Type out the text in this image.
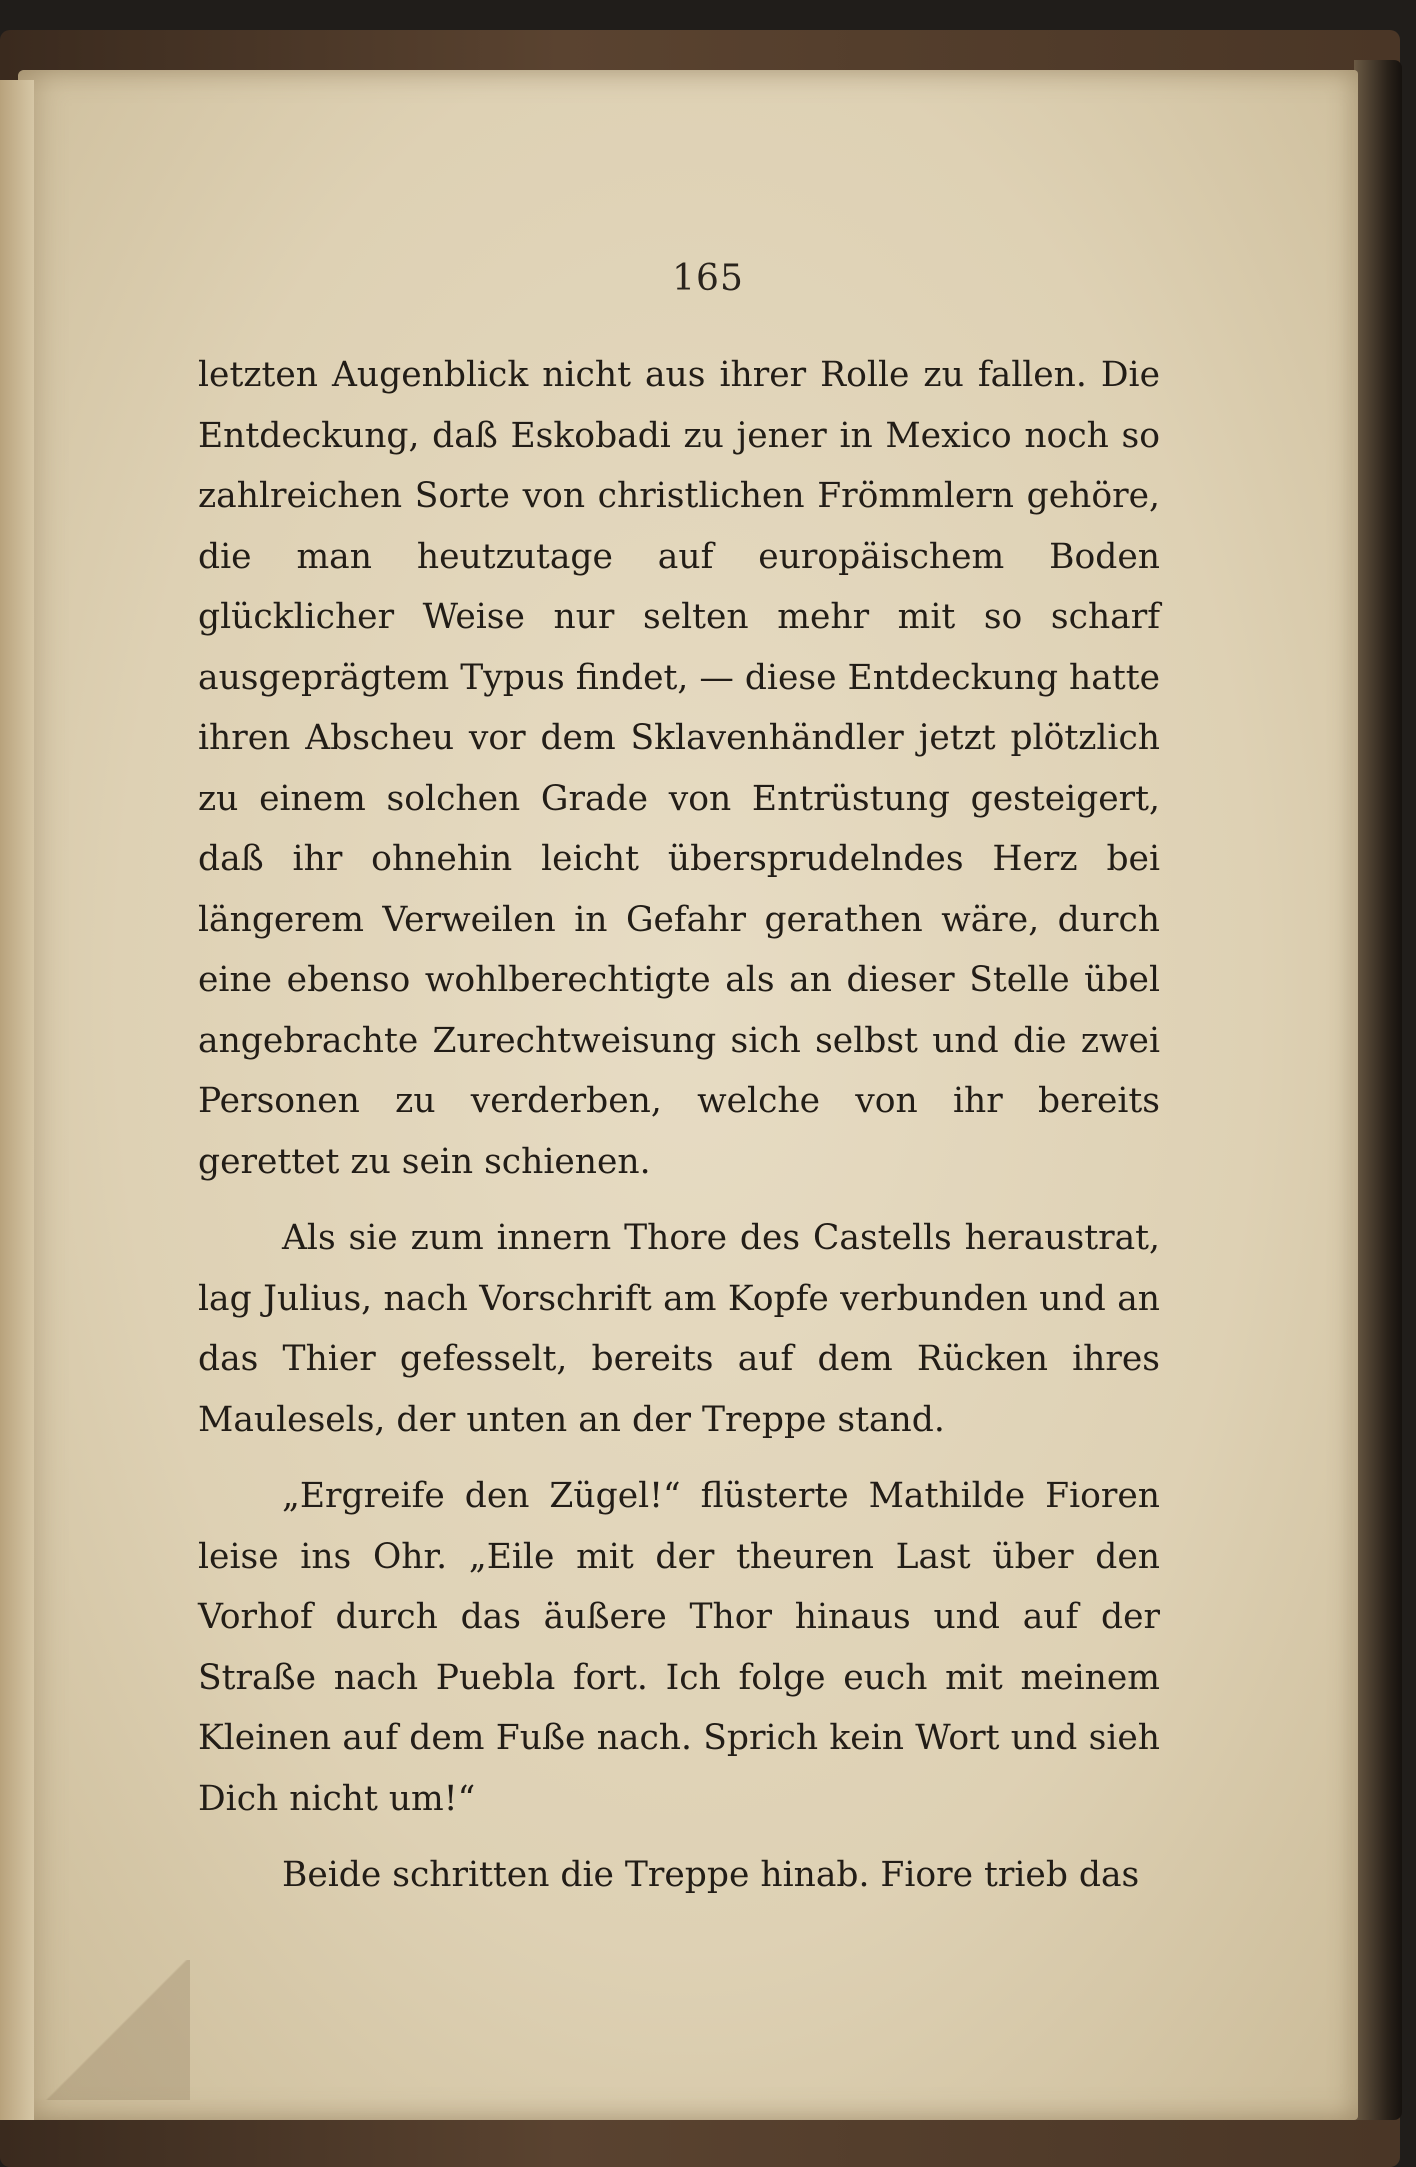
165

letzten Augenblick nicht aus ihrer Rolle zu fallen. Die Entdeckung, daß Eskobadi zu jener in Mexico noch so zahlreichen Sorte von christlichen Frömmlern gehöre, die man heutzutage auf europäischem Boden glücklicher Weise nur selten mehr mit so scharf ausgeprägtem Typus findet, — diese Entdeckung hatte ihren Abscheu vor dem Sklavenhändler jetzt plötzlich zu einem solchen Grade von Entrüstung gesteigert, daß ihr ohnehin leicht übersprudelndes Herz bei längerem Verweilen in Gefahr gerathen wäre, durch eine ebenso wohlberechtigte als an dieser Stelle übel angebrachte Zurechtweisung sich selbst und die zwei Personen zu verderben, welche von ihr bereits gerettet zu sein schienen.

Als sie zum innern Thore des Castells heraustrat, lag Julius, nach Vorschrift am Kopfe verbunden und an das Thier gefesselt, bereits auf dem Rücken ihres Maulesels, der unten an der Treppe stand.

„Ergreife den Zügel!“ flüsterte Mathilde Fioren leise ins Ohr. „Eile mit der theuren Last über den Vorhof durch das äußere Thor hinaus und auf der Straße nach Puebla fort. Ich folge euch mit meinem Kleinen auf dem Fuße nach. Sprich kein Wort und sieh Dich nicht um!“

Beide schritten die Treppe hinab. Fiore trieb das
